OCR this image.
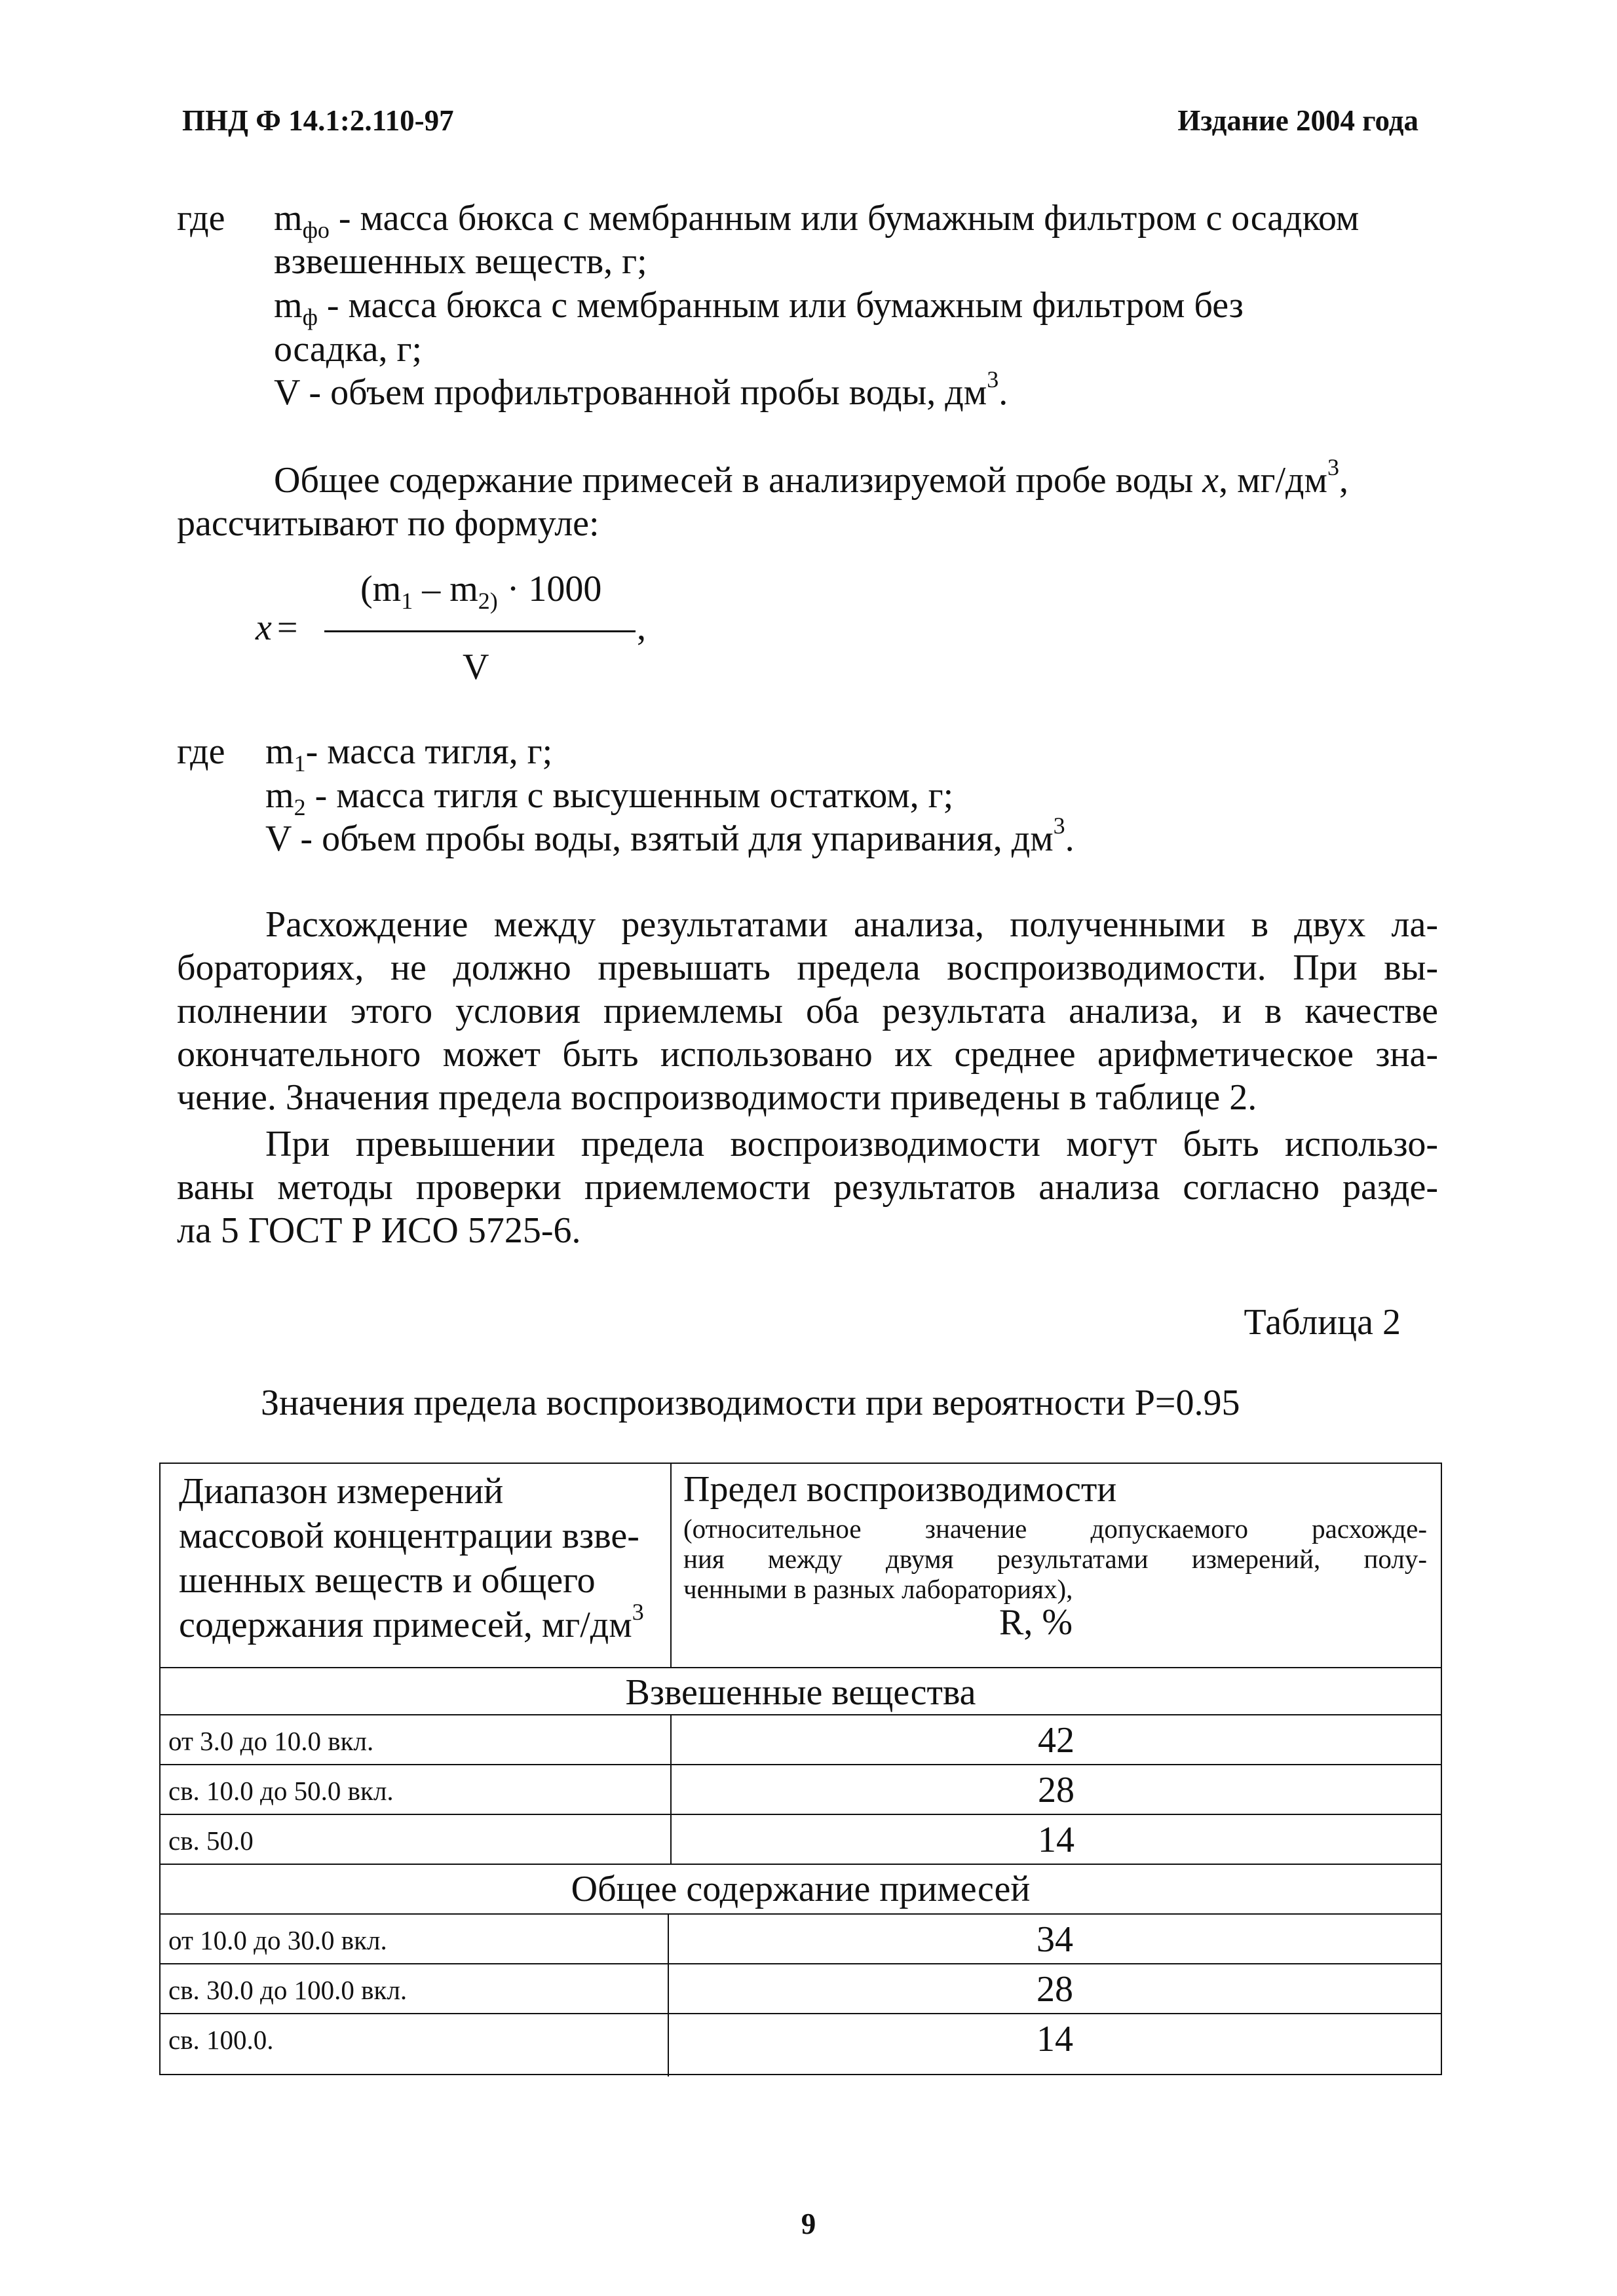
ПНД Ф 14.1:2.110-97	Издание 2004 года
где $m_{фо}$ - масса бюкса с мембранным или бумажным фильтром с осадком
взвешенных веществ, г;
$m_ф$ - масса бюкса с мембранным или бумажным фильтром без
осадка, г;
V - объем профильтрованной пробы воды, $дм^3$.
Общее содержание примесей в анализируемой пробе воды x, $мг/дм^3$,
рассчитывают по формуле:
x =
($m_1 - m_{2)} \cdot 1000$
,
V
где $m_1-$ масса тигля, г;
$m_2$ - масса тигля с высушенным остатком, г;
V - объем пробы воды, взятый для упаривания, $дм^3$.
Расхождение между результатами анализа, полученными в двух ла-
бораториях, не должно превышать предела воспроизводимости. При вы-
полнении этого условия приемлемы оба результата анализа, и в качестве
окончательного может быть использовано их среднее арифметическое зна-
чение. Значения предела воспроизводимости приведены в таблице 2.
При превышении предела воспроизводимости могут быть использо-
ваны методы проверки приемлемости результатов анализа согласно разде-
ла 5 ГОСТ Р ИСО 5725-6.
Таблица 2
Значения предела воспроизводимости при вероятности P=0.95
Диапазон измерений
массовой концентрации взве-
шенных веществ и общего
содержания примесей, $мг/дм^3$
Предел воспроизводимости
(относительное значение допускаемого расхожде-
ния между двумя результатами измерений, полу-
ченными в разных лабораториях),
R, %
Взвешенные вещества
от 3.0 до 10.0 вкл.	42
св. 10.0 до 50.0 вкл.	28
св. 50.0	14
Общее содержание примесей
от 10.0 до 30.0 вкл.	34
св. 30.0 до 100.0 вкл.	28
св. 100.0.	14
9
